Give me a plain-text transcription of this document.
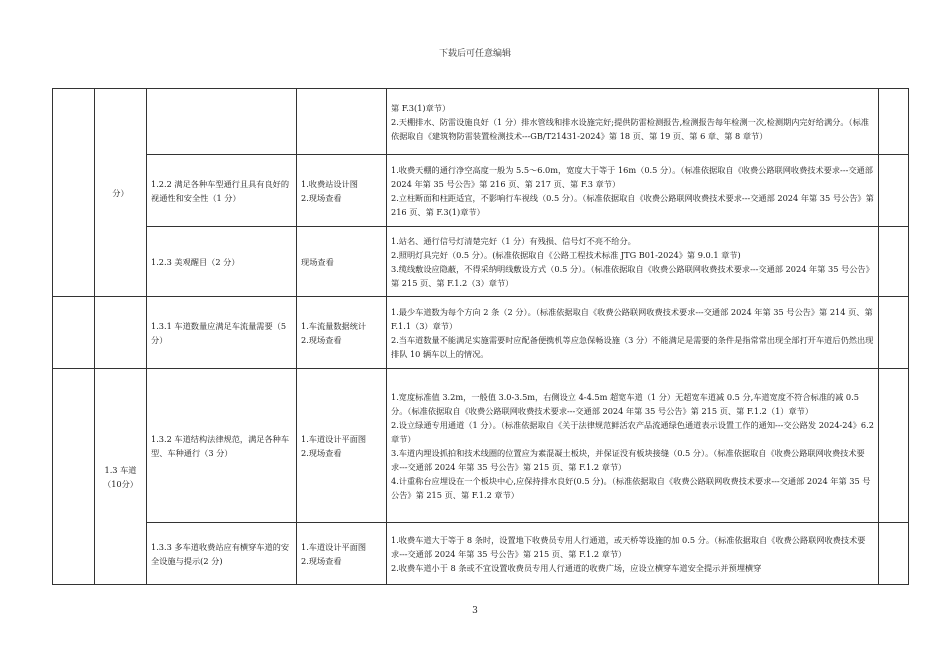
下载后可任意编辑
	分）			第 F.3(1)章节）
2.天棚排水、防雷设施良好（1 分）排水管线和排水设施完好;提供防雷检测报告,检测报告每年检测一次,检测期内完好给满分。（标准依据取自《建筑物防雷装置检测技术---GB/T21431-2024》第 18 页、第 19 页、第 6 章、第 8 章节）	

		1.2.2 满足各种车型通行且具有良好的视通性和安全性（1 分）	1.收费站设计图
2.现场查看	1.收费天棚的通行净空高度一般为 5.5～6.0m，宽度大于等于 16m（0.5 分）。（标准依据取自《收费公路联网收费技术要求---交通部 2024 年第 35 号公告》第 216 页、第 217 页、第 F.3 章节）
2.立柱断面和柱距适宜，不影响行车视线（0.5 分）。（标准依据取自《收费公路联网收费技术要求---交通部 2024 年第 35 号公告》第 216 页、第 F.3(1)章节）	

		1.2.3 美观醒目（2 分）	现场查看	1.站名、通行信号灯清楚完好（1 分）有残损、信号灯不亮不给分。
2.照明灯具完好（0.5 分）。(标准依据取自《公路工程技术标准 JTG B01-2024》第 9.0.1 章节)
3.缆线敷设应隐蔽，不得采纳明线敷设方式（0.5 分）。（标准依据取自《收费公路联网收费技术要求---交通部 2024 年第 35 号公告》第 215 页、第 F.1.2（3）章节）	

		1.3.1 车道数量应满足车流量需要（5 分）	1.车流量数据统计
2.现场查看	1.最少车道数为每个方向 2 条（2 分）。（标准依据取自《收费公路联网收费技术要求---交通部 2024 年第 35 号公告》第 214 页、第 F.1.1（3）章节）
2.当车道数量不能满足实施需要时应配备便携机等应急保畅设施（3 分）不能满足是需要的条件是指常常出现全部打开车道后仍然出现排队 10 辆车以上的情况。	

	1.3 车道（10分）	1.3.2 车道结构法律规范，满足各种车型、车种通行（3 分）	1.车道设计平面图
2.现场查看	1.宽度标准值 3.2m，一般值 3.0-3.5m，右侧设立 4-4.5m 超宽车道（1 分）无超宽车道减 0.5 分,车道宽度不符合标准的减 0.5 分。（标准依据取自《收费公路联网收费技术要求---交通部 2024 年第 35 号公告》第 215 页、第 F.1.2（1）章节）
2.设立绿通专用通道（1 分）。（标准依据取自《关于法律规范鲜活农产品流通绿色通道表示设置工作的通知---交公路发 2024-24》6.2 章节）
3.车道内埋设抓拍和技术线圈的位置应为素混凝土板块，并保证没有板块接缝（0.5 分）。（标准依据取自《收费公路联网收费技术要求---交通部 2024 年第 35 号公告》第 215 页、第 F.1.2 章节）
4.计重称台应埋设在一个板块中心,应保持排水良好(0.5 分)。（标准依据取自《收费公路联网收费技术要求---交通部 2024 年第 35 号公告》第 215 页、第 F.1.2 章节）	

		1.3.3 多车道收费站应有横穿车道的安全设施与提示(2 分)	1.车道设计平面图
2.现场查看	1.收费车道大于等于 8 条时，设置地下收费员专用人行通道，或天桥等设施的加 0.5 分。（标准依据取自《收费公路联网收费技术要求---交通部 2024 年第 35 号公告》第 215 页、第 F.1.2 章节）
2.收费车道小于 8 条或不宜设置收费员专用人行通道的收费广场，应设立横穿车道安全提示并预埋横穿	

3
